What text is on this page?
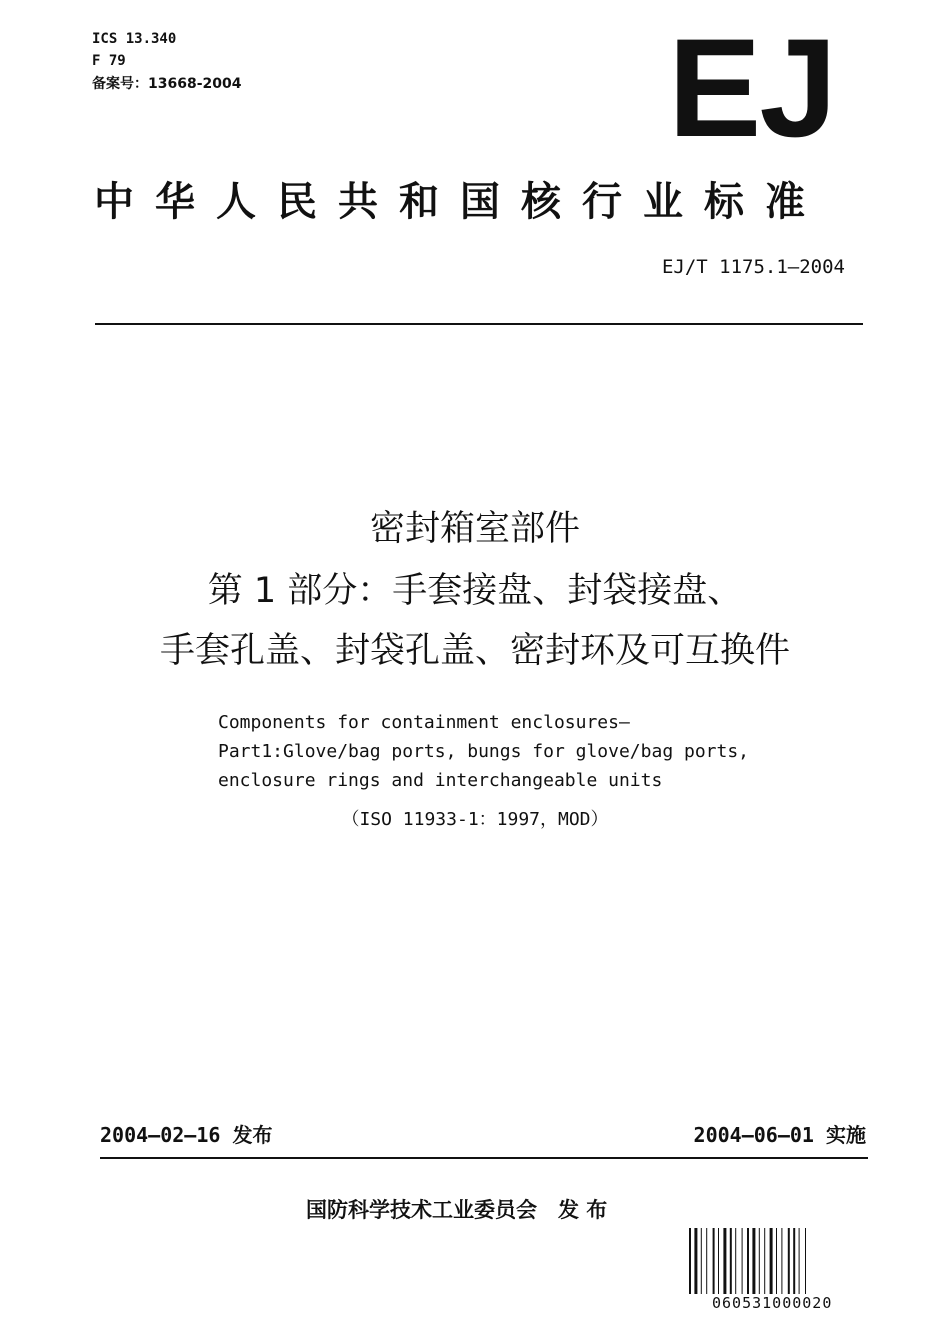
ICS 13.340
F 79
备案号：13668-2004	EJ
中华人民共和国核行业标准
EJ/T 1175.1—2004
密封箱室部件
第 1 部分：手套接盘、封袋接盘、
手套孔盖、封袋孔盖、密封环及可互换件
Components for containment enclosures—
Part1:Glove/bag ports, bungs for glove/bag ports,
enclosure rings and interchangeable units
（ISO 11933-1：1997，MOD）
2004—02—16 发布	2004—06—01 实施
国防科学技术工业委员会　发 布
060531000020
